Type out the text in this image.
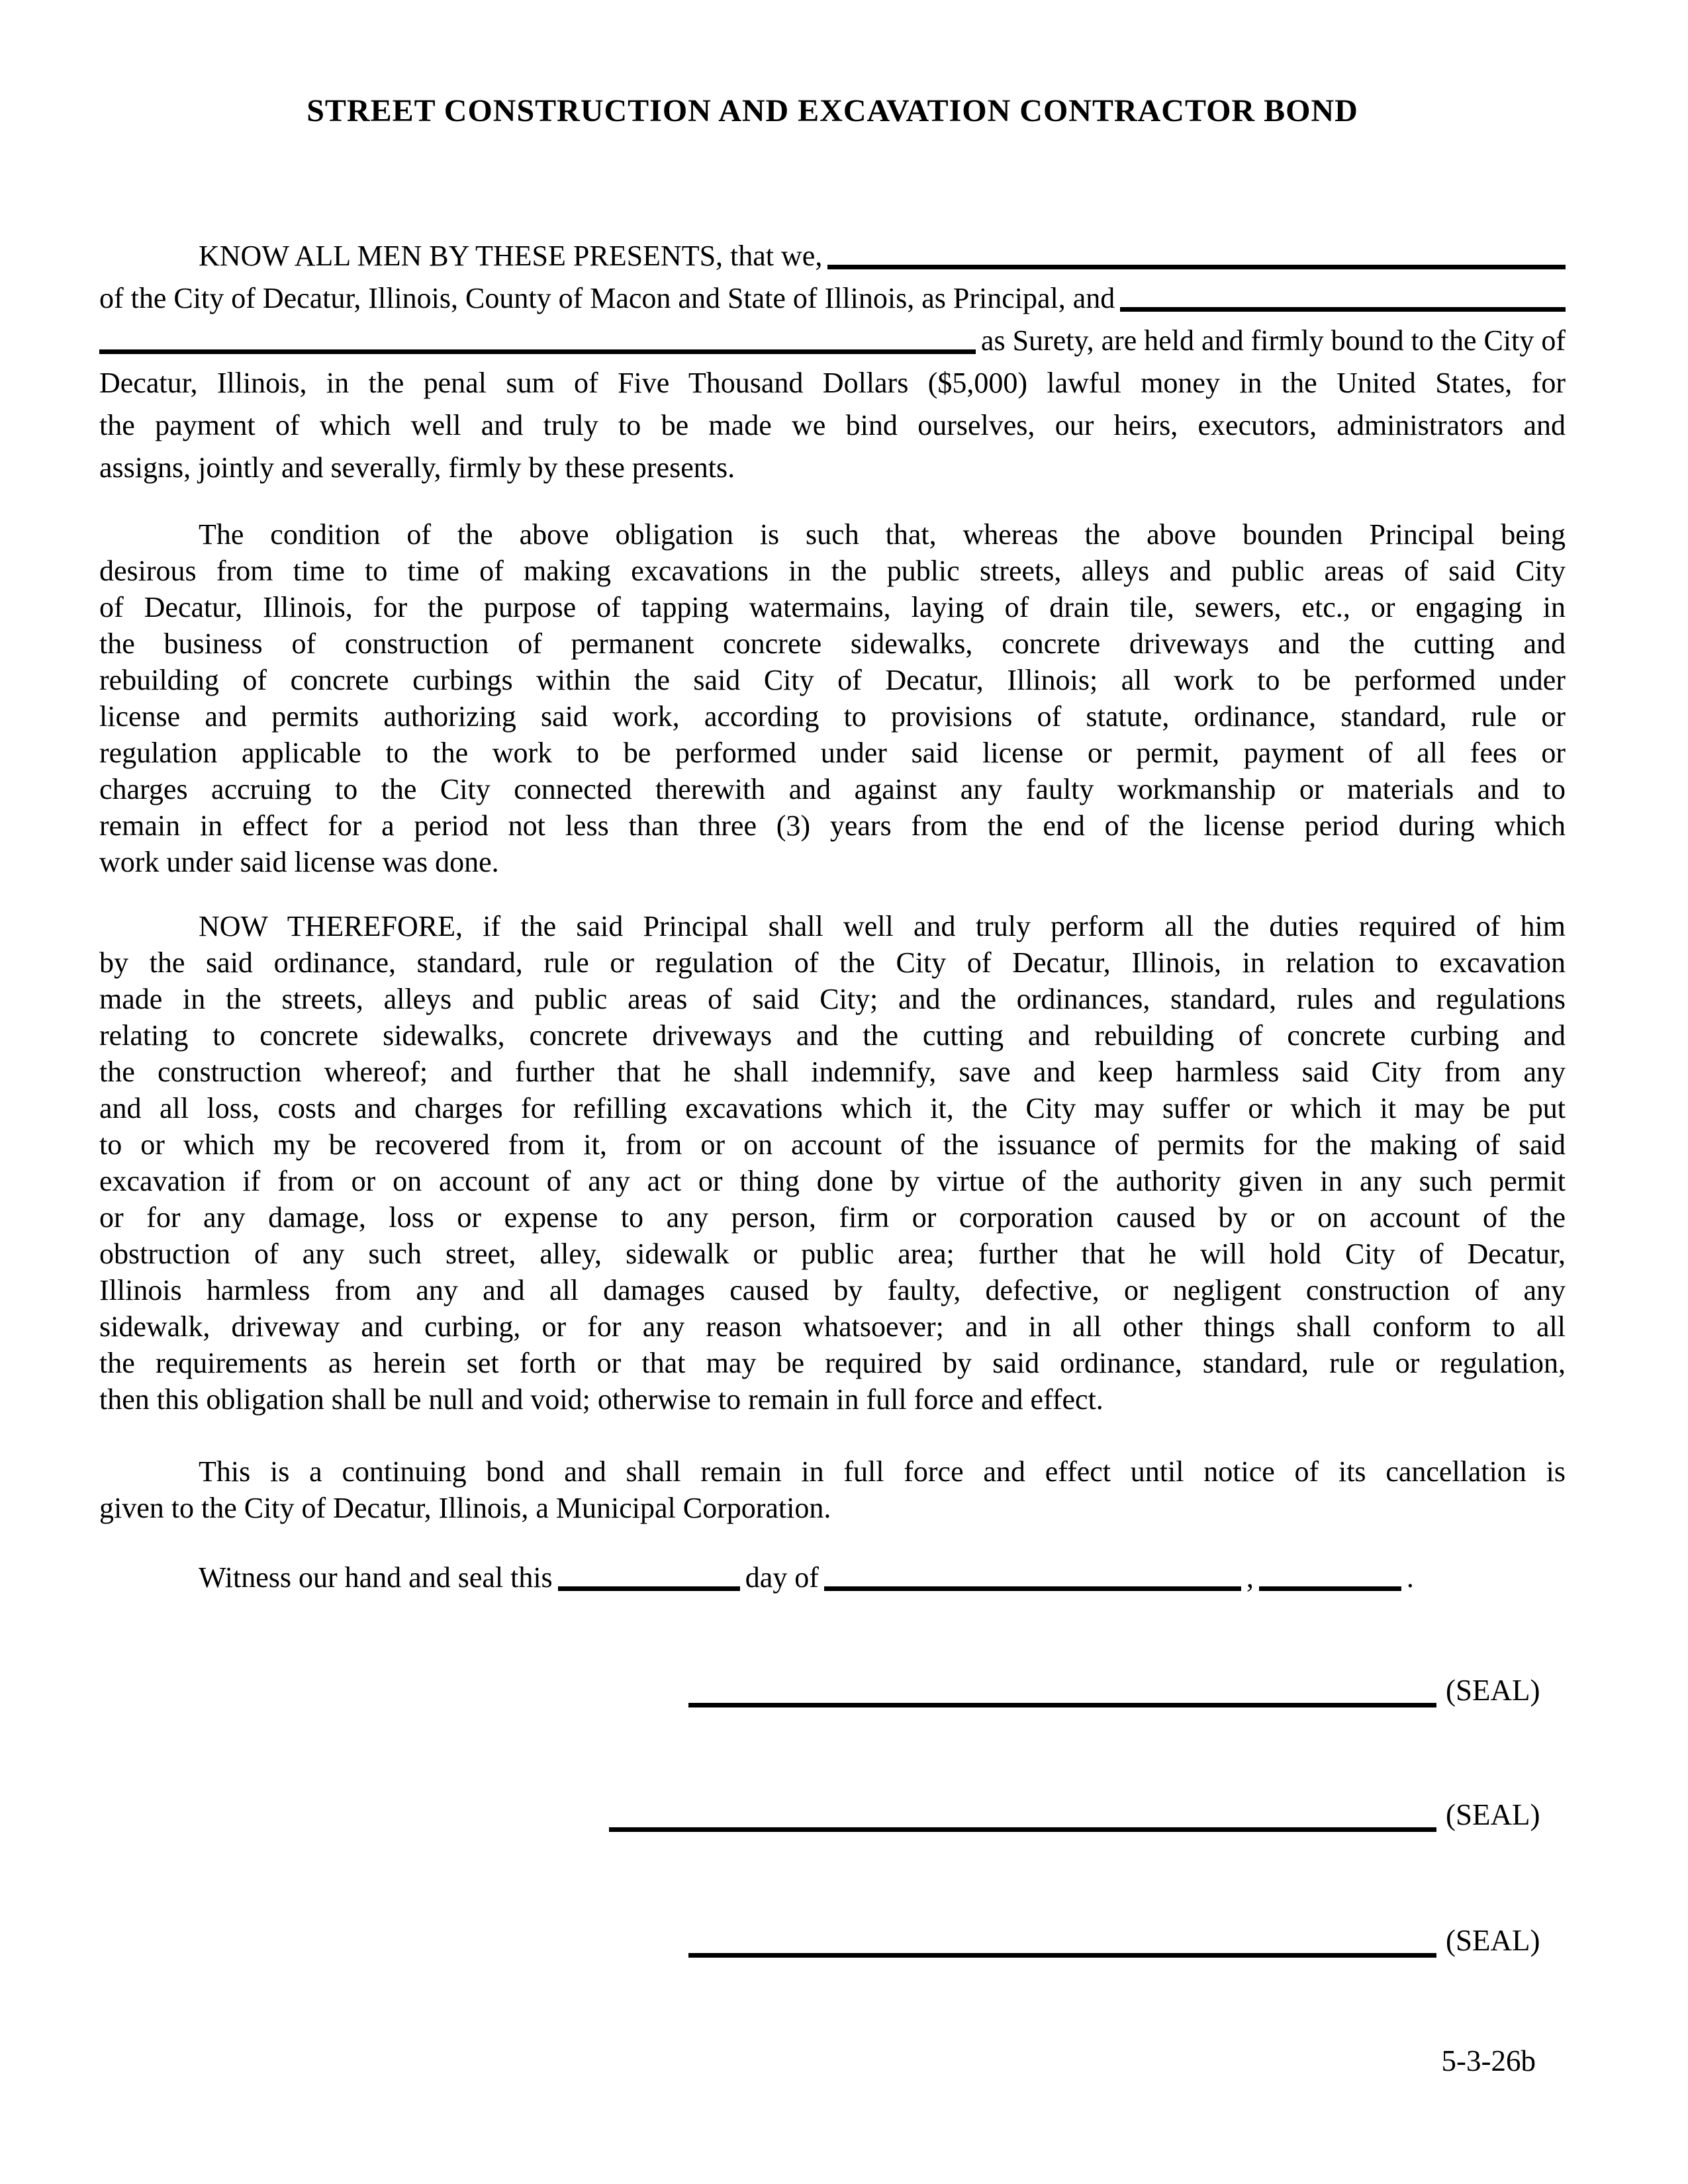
STREET CONSTRUCTION AND EXCAVATION CONTRACTOR BOND
KNOW ALL MEN BY THESE PRESENTS, that we,
of the City of Decatur, Illinois, County of Macon and State of Illinois, as Principal, and
as Surety, are held and firmly bound to the City of
Decatur, Illinois, in the penal sum of Five Thousand Dollars ($5,000) lawful money in the United States, for
the payment of which well and truly to be made we bind ourselves, our heirs, executors, administrators and
assigns, jointly and severally, firmly by these presents.
The condition of the above obligation is such that, whereas the above bounden Principal being
desirous from time to time of making excavations in the public streets, alleys and public areas of said City
of Decatur, Illinois, for the purpose of tapping watermains, laying of drain tile, sewers, etc., or engaging in
the business of construction of permanent concrete sidewalks, concrete driveways and the cutting and
rebuilding of concrete curbings within the said City of Decatur, Illinois; all work to be performed under
license and permits authorizing said work, according to provisions of statute, ordinance, standard, rule or
regulation applicable to the work to be performed under said license or permit, payment of all fees or
charges accruing to the City connected therewith and against any faulty workmanship or materials and to
remain in effect for a period not less than three (3) years from the end of the license period during which
work under said license was done.
NOW THEREFORE, if the said Principal shall well and truly perform all the duties required of him
by the said ordinance, standard, rule or regulation of the City of Decatur, Illinois, in relation to excavation
made in the streets, alleys and public areas of said City; and the ordinances, standard, rules and regulations
relating to concrete sidewalks, concrete driveways and the cutting and rebuilding of concrete curbing and
the construction whereof; and further that he shall indemnify, save and keep harmless said City from any
and all loss, costs and charges for refilling excavations which it, the City may suffer or which it may be put
to or which my be recovered from it, from or on account of the issuance of permits for the making of said
excavation if from or on account of any act or thing done by virtue of the authority given in any such permit
or for any damage, loss or expense to any person, firm or corporation caused by or on account of the
obstruction of any such street, alley, sidewalk or public area; further that he will hold City of Decatur,
Illinois harmless from any and all damages caused by faulty, defective, or negligent construction of any
sidewalk, driveway and curbing, or for any reason whatsoever; and in all other things shall conform to all
the requirements as herein set forth or that may be required by said ordinance, standard, rule or regulation,
then this obligation shall be null and void; otherwise to remain in full force and effect.
This is a continuing bond and shall remain in full force and effect until notice of its cancellation is
given to the City of Decatur, Illinois, a Municipal Corporation.
Witness our hand and seal this	day of	,	.
(SEAL)
(SEAL)
(SEAL)
5-3-26b
